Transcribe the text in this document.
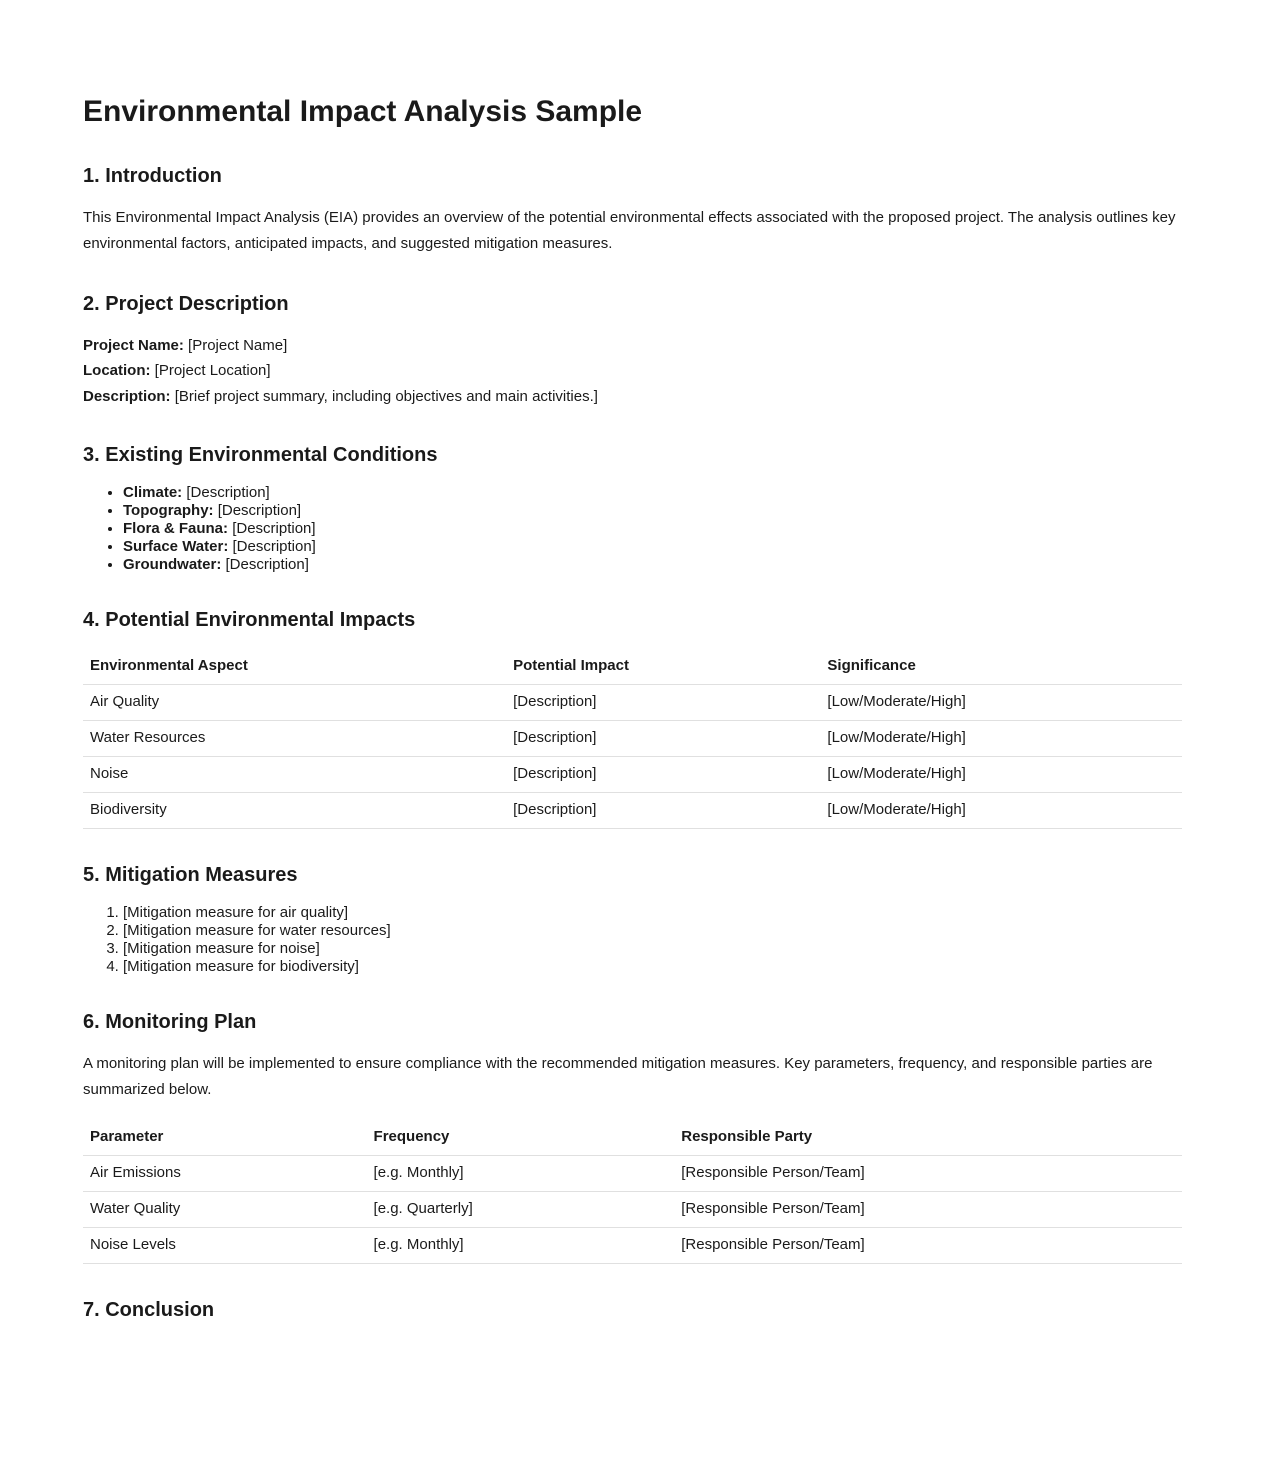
Environmental Impact Analysis Sample
1. Introduction

This Environmental Impact Analysis (EIA) provides an overview of the potential environmental effects associated with the proposed project. The analysis outlines key environmental factors, anticipated impacts, and suggested mitigation measures.

2. Project Description

Project Name: [Project Name]
Location: [Project Location]
Description: [Brief project summary, including objectives and main activities.]

3. Existing Environmental Conditions
• Climate: [Description]
• Topography: [Description]
• Flora & Fauna: [Description]
• Surface Water: [Description]
• Groundwater: [Description]
4. Potential Environmental Impacts
Environmental Aspect	Potential Impact	Significance
Air Quality	[Description]	[Low/Moderate/High]
Water Resources	[Description]	[Low/Moderate/High]
Noise	[Description]	[Low/Moderate/High]
Biodiversity	[Description]	[Low/Moderate/High]
5. Mitigation Measures
1. [Mitigation measure for air quality]
2. [Mitigation measure for water resources]
3. [Mitigation measure for noise]
4. [Mitigation measure for biodiversity]
6. Monitoring Plan

A monitoring plan will be implemented to ensure compliance with the recommended mitigation measures. Key parameters, frequency, and responsible parties are summarized below.

Parameter	Frequency	Responsible Party
Air Emissions	[e.g. Monthly]	[Responsible Person/Team]
Water Quality	[e.g. Quarterly]	[Responsible Person/Team]
Noise Levels	[e.g. Monthly]	[Responsible Person/Team]
7. Conclusion
